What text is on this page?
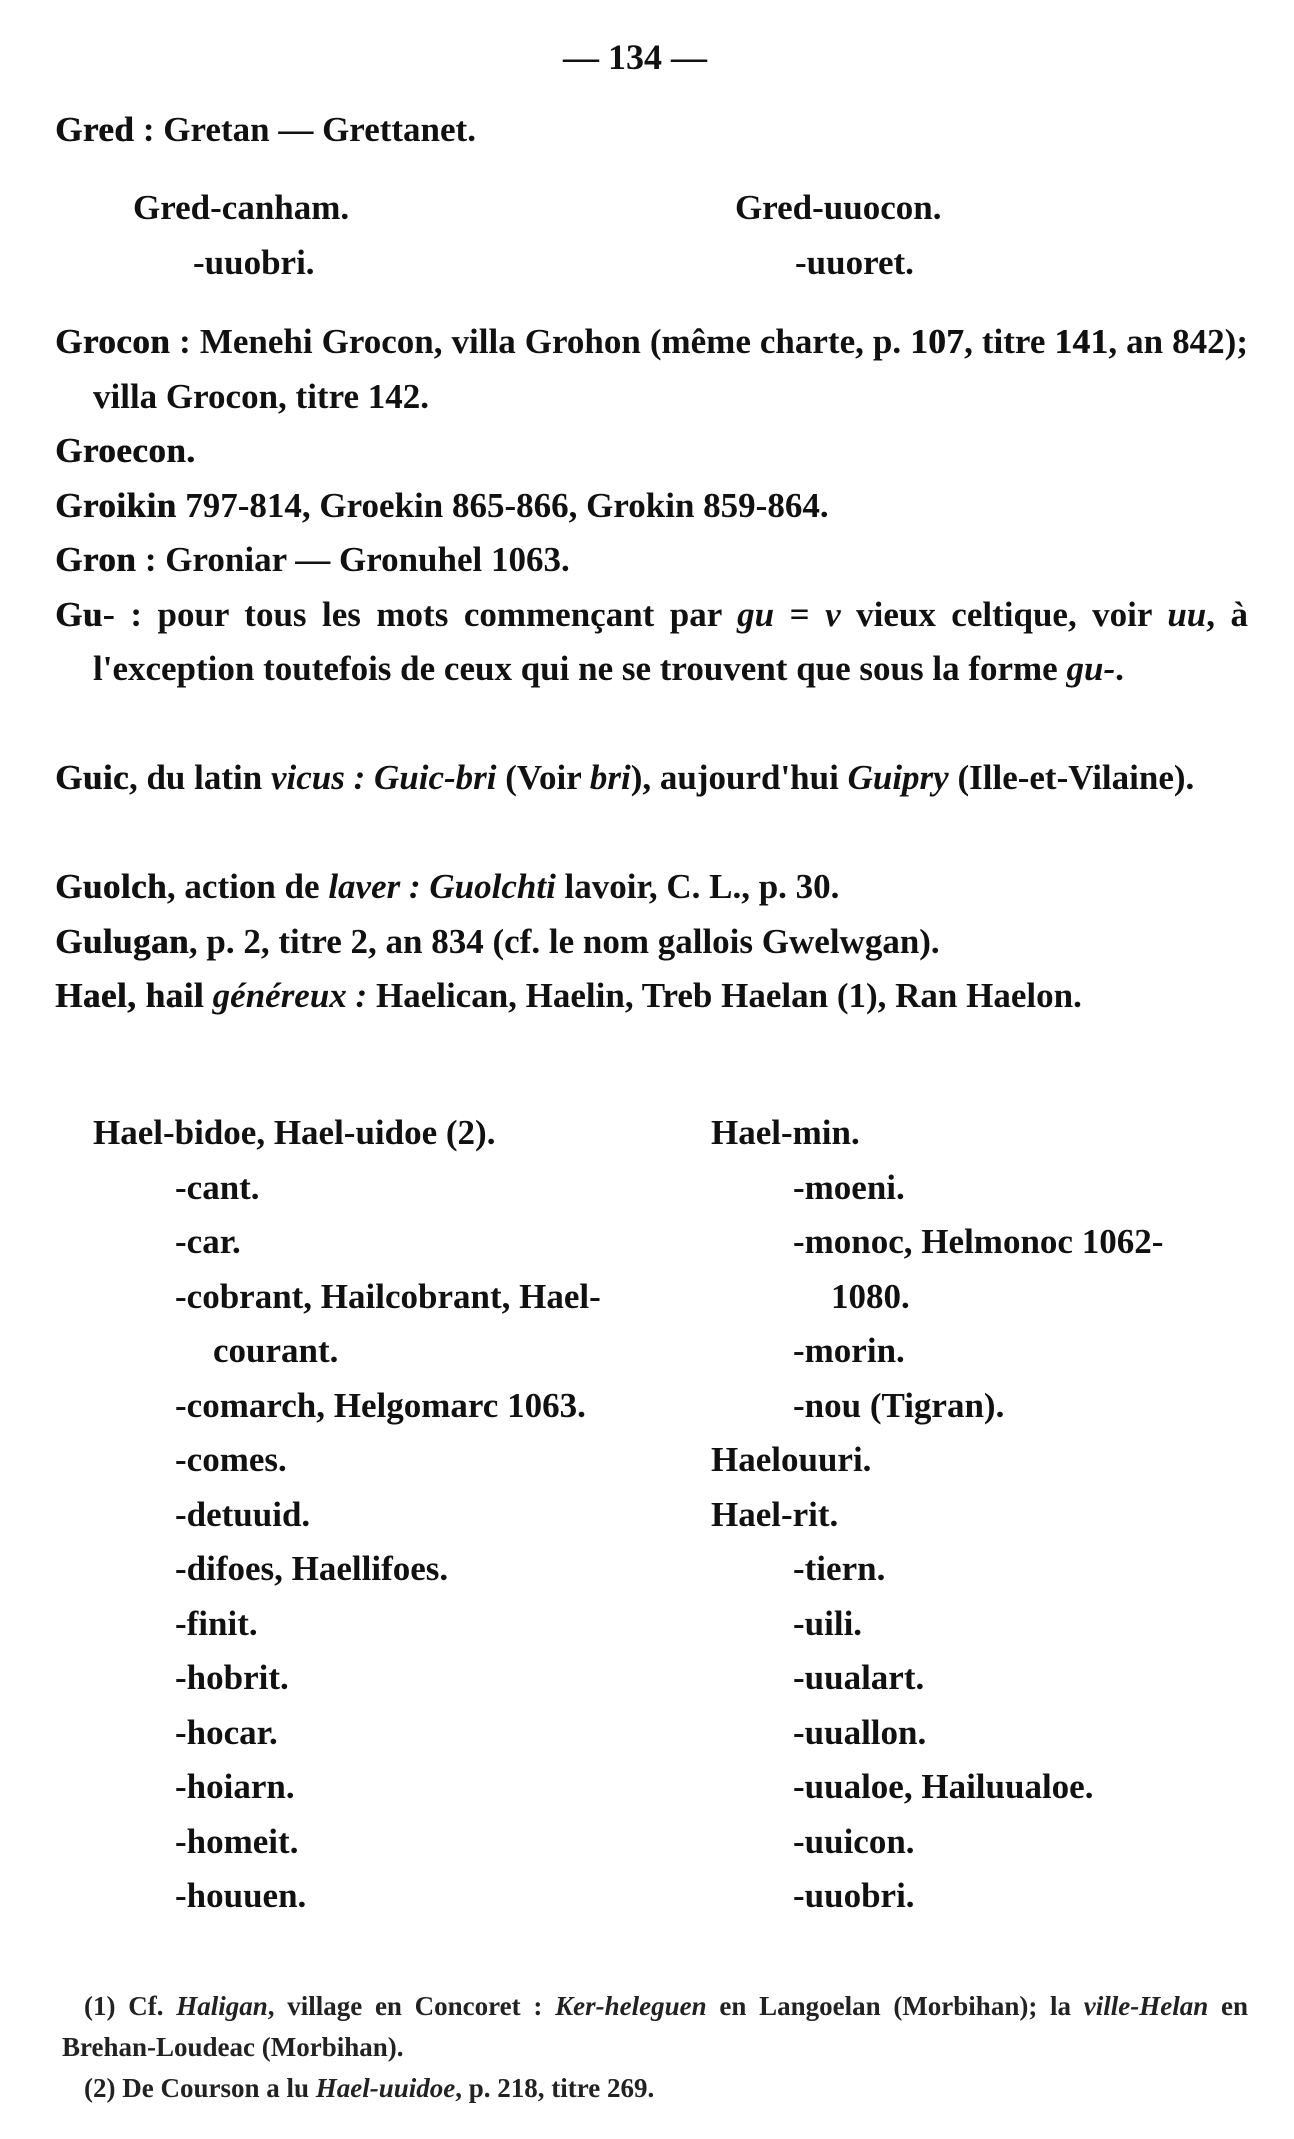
— 134 —
Gred : Gretan — Grettanet.
Gred-canham.
-uuobri.
Gred-uuocon.
-uuoret.
Grocon : Menehi Grocon, villa Grohon (même charte, p. 107, titre 141, an 842); villa Grocon, titre 142.
Groecon.
Groikin 797-814, Groekin 865-866, Grokin 859-864.
Gron : Groniar — Gronuhel 1063.
Gu- : pour tous les mots commençant par gu = v vieux celtique, voir uu, à l'exception toutefois de ceux qui ne se trouvent que sous la forme gu-.
Guic, du latin vicus : Guic-bri (Voir bri), aujourd'hui Guipry (Ille-et-Vilaine).
Guolch, action de laver : Guolchti lavoir, C. L., p. 30.
Gulugan, p. 2, titre 2, an 834 (cf. le nom gallois Gwelwgan).
Hael, hail généreux : Haelican, Haelin, Treb Haelan (1), Ran Haelon.
Hael-bidoe, Hael-uidoe (2).
-cant.
-car.
-cobrant, Hailcobrant, Hael-
courant.
-comarch, Helgomarc 1063.
-comes.
-detuuid.
-difoes, Haellifoes.
-finit.
-hobrit.
-hocar.
-hoiarn.
-homeit.
-houuen.
Hael-min.
-moeni.
-monoc, Helmonoc 1062-
1080.
-morin.
-nou (Tigran).
Haelouuri.
Hael-rit.
-tiern.
-uili.
-uualart.
-uuallon.
-uualoe, Hailuualoe.
-uuicon.
-uuobri.
(1) Cf. Haligan, village en Concoret : Ker-heleguen en Langoelan (Morbihan); la ville-Helan en Brehan-Loudeac (Morbihan).
(2) De Courson a lu Hael-uuidoe, p. 218, titre 269.
